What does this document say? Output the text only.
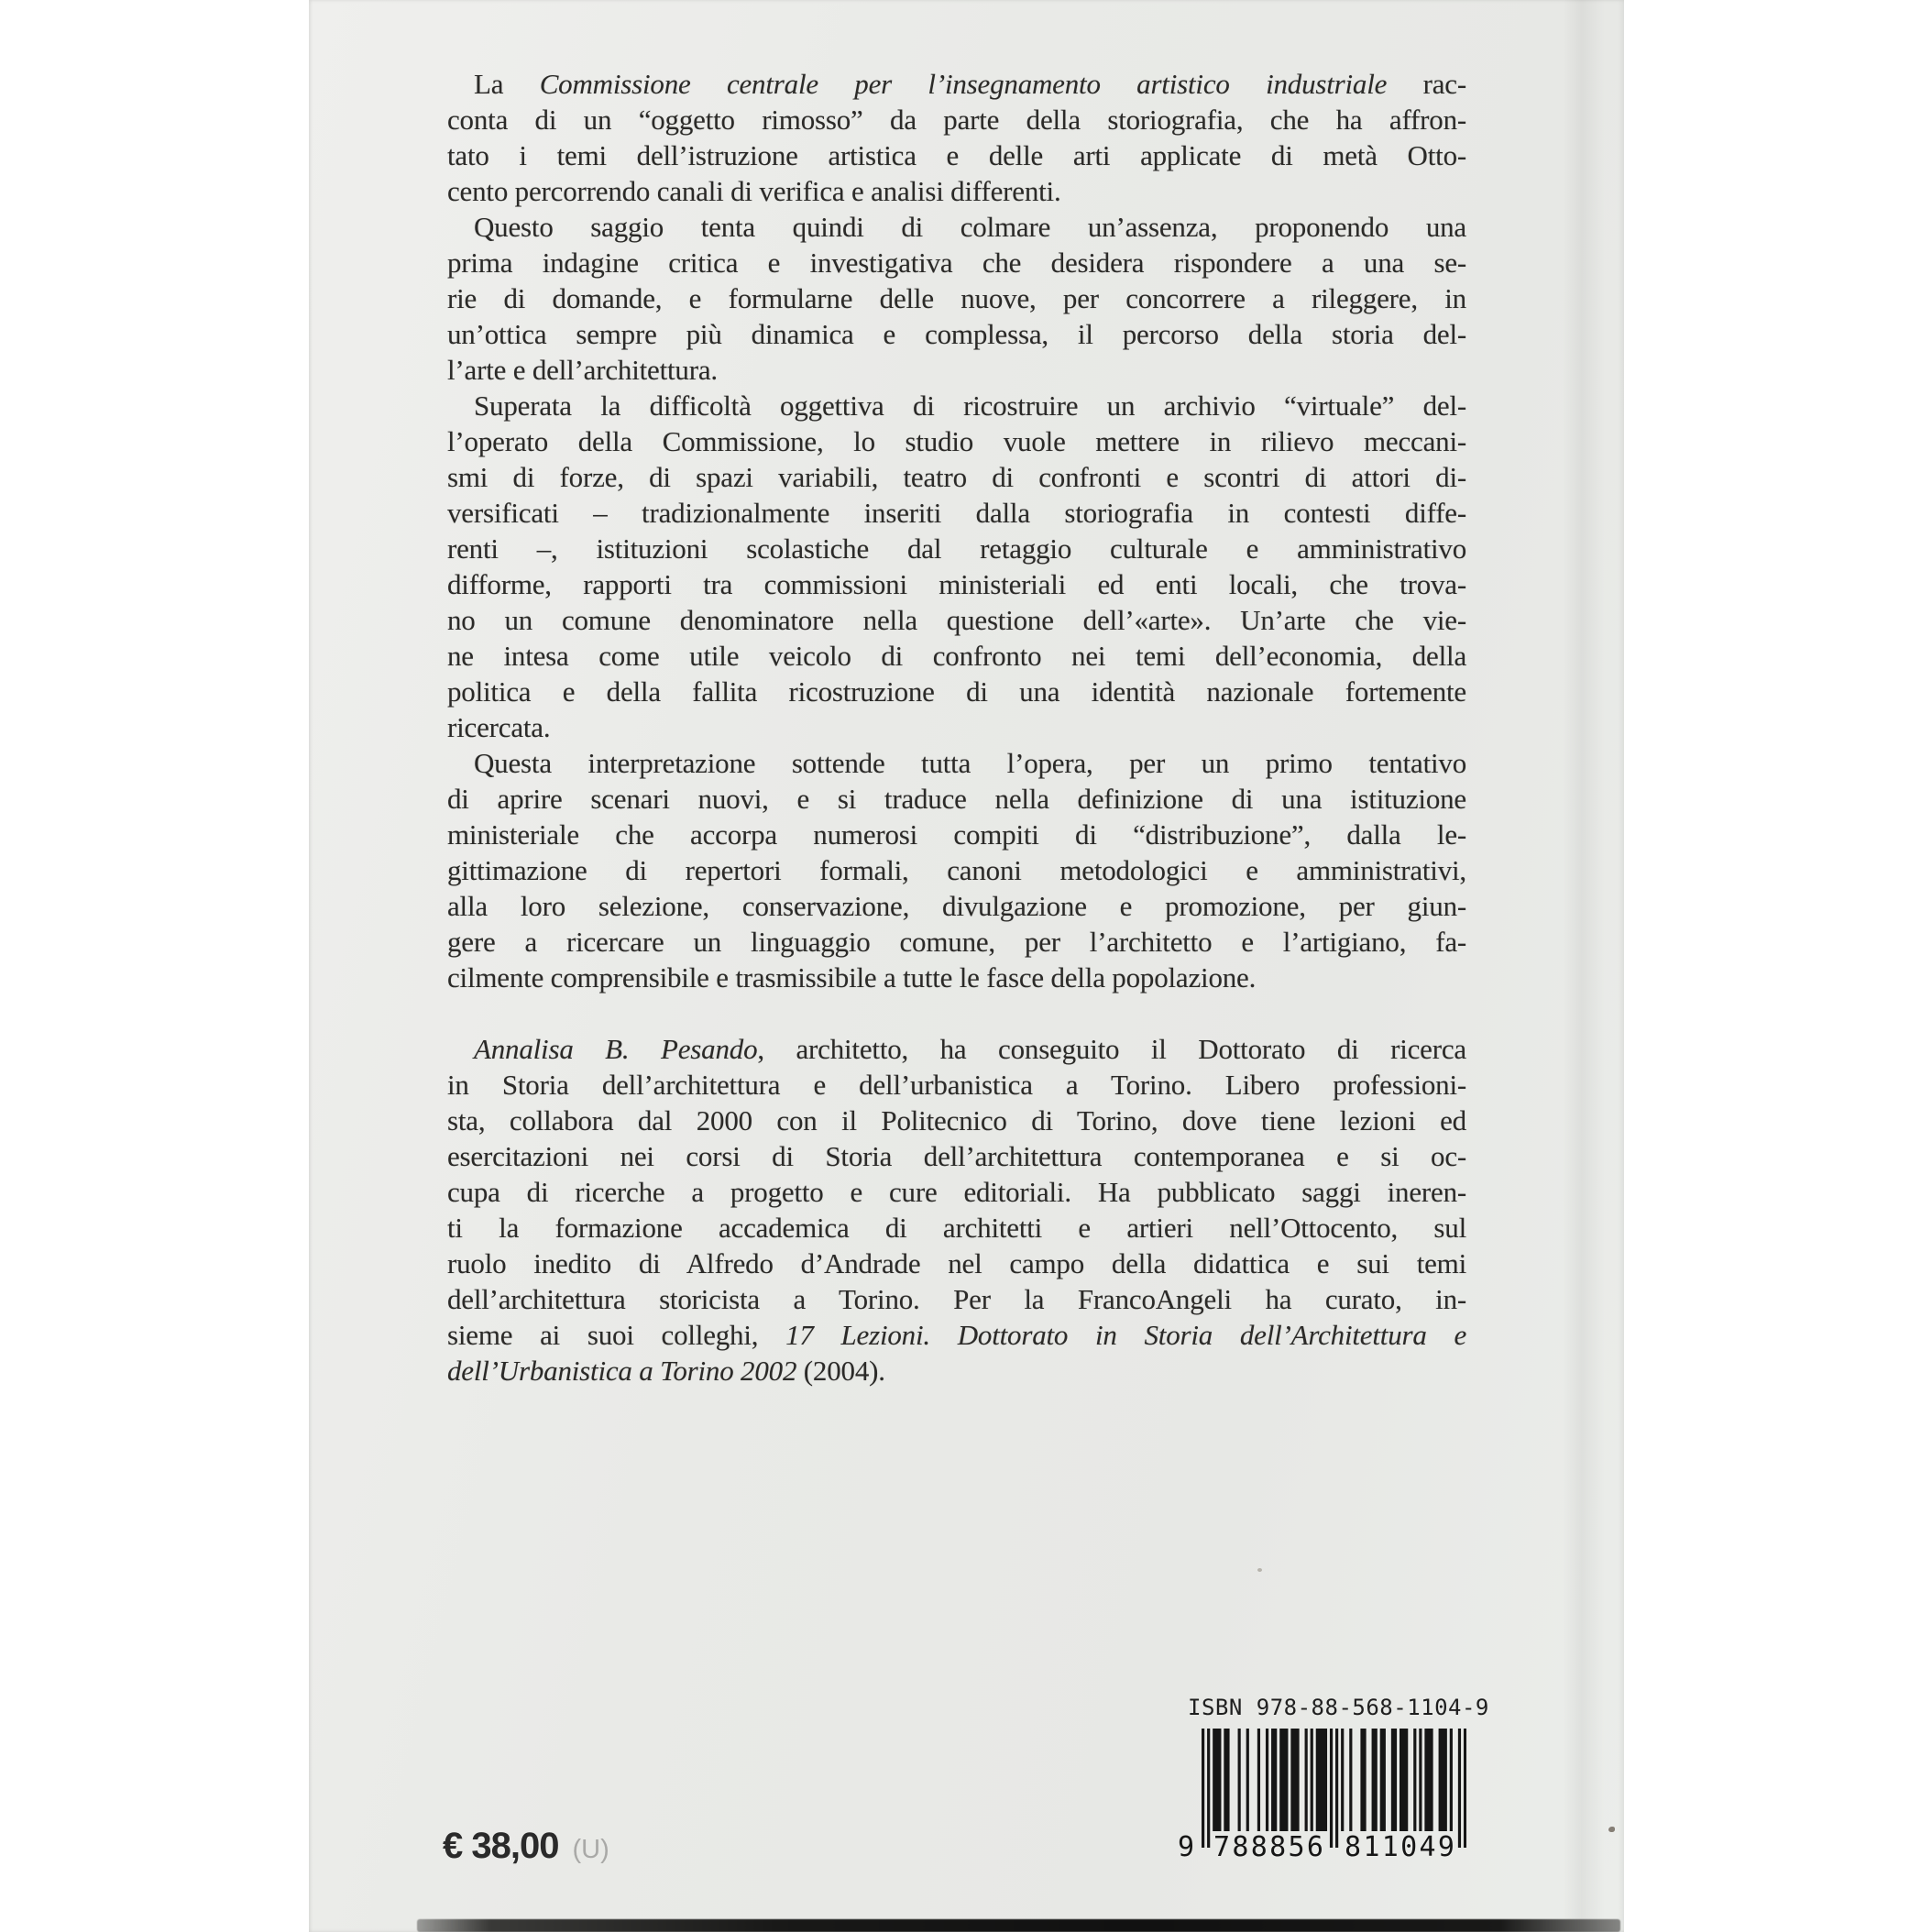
La Commissione centrale per l’insegnamento artistico industriale rac-
conta di un “oggetto rimosso” da parte della storiografia, che ha affron-
tato i temi dell’istruzione artistica e delle arti applicate di metà Otto-
cento percorrendo canali di verifica e analisi differenti.
Questo saggio tenta quindi di colmare un’assenza, proponendo una
prima indagine critica e investigativa che desidera rispondere a una se-
rie di domande, e formularne delle nuove, per concorrere a rileggere, in
un’ottica sempre più dinamica e complessa, il percorso della storia del-
l’arte e dell’architettura.
Superata la difficoltà oggettiva di ricostruire un archivio “virtuale” del-
l’operato della Commissione, lo studio vuole mettere in rilievo meccani-
smi di forze, di spazi variabili, teatro di confronti e scontri di attori di-
versificati – tradizionalmente inseriti dalla storiografia in contesti diffe-
renti –, istituzioni scolastiche dal retaggio culturale e amministrativo
difforme, rapporti tra commissioni ministeriali ed enti locali, che trova-
no un comune denominatore nella questione dell’«arte». Un’arte che vie-
ne intesa come utile veicolo di confronto nei temi dell’economia, della
politica e della fallita ricostruzione di una identità nazionale fortemente
ricercata.
Questa interpretazione sottende tutta l’opera, per un primo tentativo
di aprire scenari nuovi, e si traduce nella definizione di una istituzione
ministeriale che accorpa numerosi compiti di “distribuzione”, dalla le-
gittimazione di repertori formali, canoni metodologici e amministrativi,
alla loro selezione, conservazione, divulgazione e promozione, per giun-
gere a ricercare un linguaggio comune, per l’architetto e l’artigiano, fa-
cilmente comprensibile e trasmissibile a tutte le fasce della popolazione.
Annalisa B. Pesando, architetto, ha conseguito il Dottorato di ricerca
in Storia dell’architettura e dell’urbanistica a Torino. Libero professioni-
sta, collabora dal 2000 con il Politecnico di Torino, dove tiene lezioni ed
esercitazioni nei corsi di Storia dell’architettura contemporanea e si oc-
cupa di ricerche a progetto e cure editoriali. Ha pubblicato saggi ineren-
ti la formazione accademica di architetti e artieri nell’Ottocento, sul
ruolo inedito di Alfredo d’Andrade nel campo della didattica e sui temi
dell’architettura storicista a Torino. Per la FrancoAngeli ha curato, in-
sieme ai suoi colleghi, 17 Lezioni. Dottorato in Storia dell’Architettura e
dell’Urbanistica a Torino 2002 (2004).
ISBN 978-88-568-1104-9
9 7 8 8 8 5 6 8 1 1 0 4 9
€ 38,00 (U)
